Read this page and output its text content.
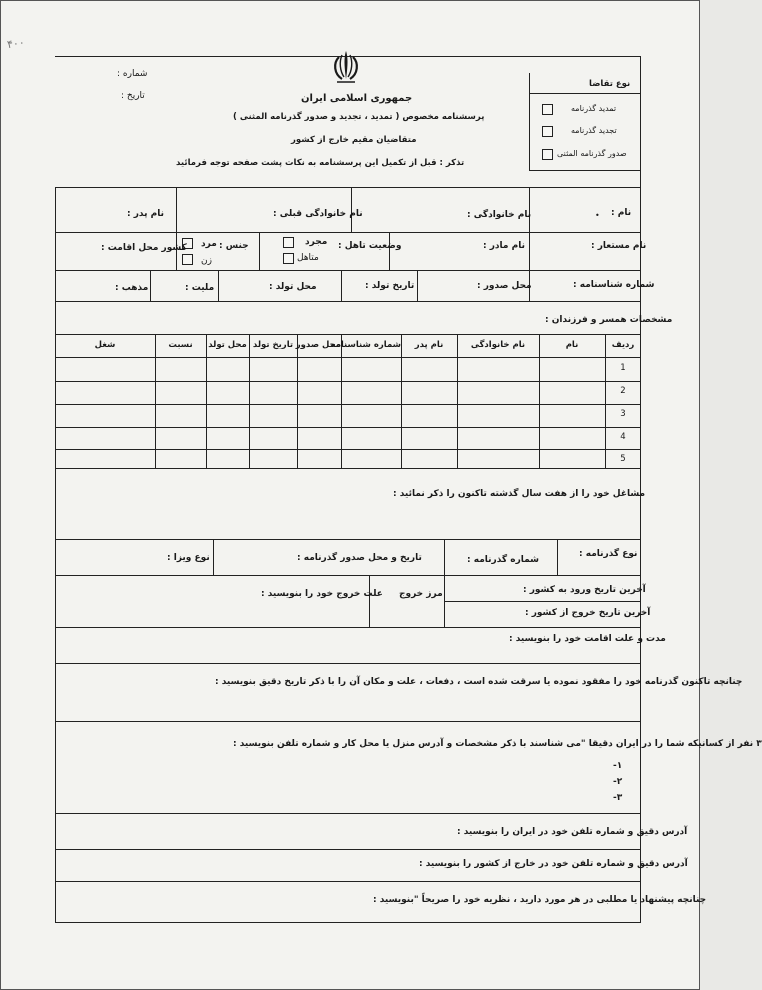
۴۰۰
جمهوری اسلامی ایران
پرسشنامه مخصوص ( تمدید ، تجدید و صدور گذرنامه المثنی )
متقاضیان مقیم خارج از کشور
تذکر : قبل از تکمیل این پرسشنامه به نکات پشت صفحه توجه فرمائید
شماره :
تاریخ :
نوع تقاضا
تمدید گذرنامه
تجدید گذرنامه
صدور گذرنامه المثنی
نام :
•
نام خانوادگی :
نام خانوادگی قبلی :
نام پدر :
نام مستعار :
نام مادر :
وضعیت تاهل :
مجرد
متاهل
جنس :
مرد
زن
کشور محل اقامت :
شماره شناسنامه :
محل صدور :
تاریخ تولد :
محل تولد :
ملیت :
مذهب :
مشخصات همسر و فرزندان :
ردیف
نام
نام خانوادگی
نام پدر
شماره شناسنامه
محل صدور
تاریخ تولد
محل تولد
نسبت
شغل
1
2
3
4
5
مشاغل خود را از هفت سال گذشته تاکنون را ذکر نمائید :
نوع گذرنامه :
شماره گذرنامه :
تاریخ و محل صدور گذرنامه :
نوع ویزا :
آخرین تاریخ ورود به کشور :
آخرین تاریخ خروج از کشور :
مرز خروج
علت خروج خود را بنویسید :
مدت و علت اقامت خود را بنویسید :
چنانچه تاکنون گذرنامه خود را مفقود نموده یا سرقت شده است ، دفعات ، علت و مکان آن را با ذکر تاریخ دقیق بنویسید :
۳ نفر از کسانیکه شما را در ایران دقیقا "می شناسند با ذکر مشخصات و آدرس منزل یا محل کار و شماره تلفن بنویسید :
-۱
-۲
-۳
آدرس دقیق و شماره تلفن خود در ایران را بنویسید :
آدرس دقیق و شماره تلفن خود در خارج از کشور را بنویسید :
چنانچه پیشنهاد یا مطلبی در هر مورد دارید ، نظریه خود را صریحاً "بنویسید :
